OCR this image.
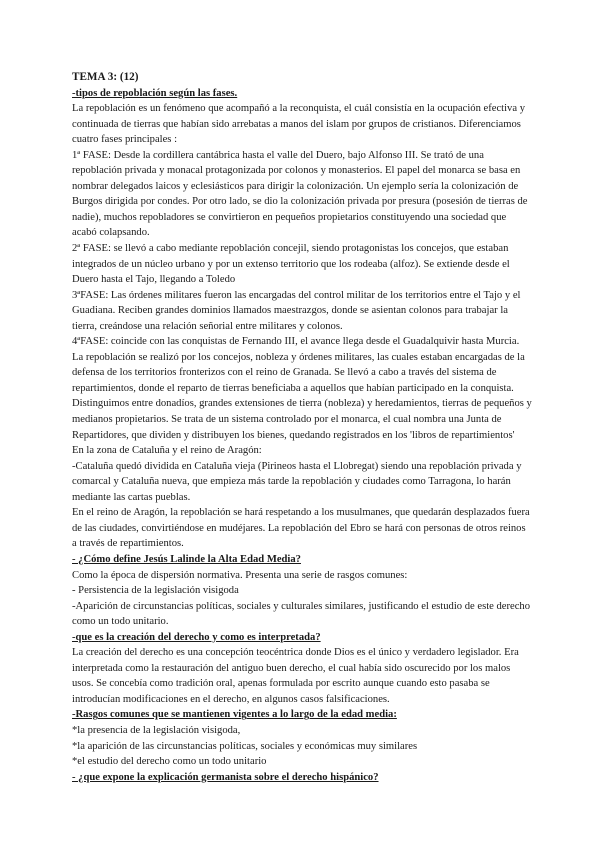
TEMA 3: (12)

-tipos de repoblación según las fases.

La repoblación es un fenómeno que acompañó a la reconquista, el cuál consistía en la ocupación efectiva y continuada de tierras que habían sido arrebatas a manos del islam por grupos de cristianos. Diferenciamos cuatro fases principales :

1ª FASE: Desde la cordillera cantábrica hasta el valle del Duero, bajo Alfonso III. Se trató de una repoblación privada y monacal protagonizada por colonos y monasterios. El papel del monarca se basa en nombrar delegados laicos y eclesiásticos para dirigir la colonización. Un ejemplo sería la colonización de Burgos dirigida por condes. Por otro lado, se dio la colonización privada por presura (posesión de tierras de nadie), muchos repobladores se convirtieron en pequeños propietarios constituyendo una sociedad que acabó colapsando.

2ª FASE: se llevó a cabo mediante repoblación concejil, siendo protagonistas los concejos, que estaban integrados de un núcleo urbano y por un extenso territorio que los rodeaba (alfoz). Se extiende desde el Duero hasta el Tajo, llegando a Toledo

3ªFASE: Las órdenes militares fueron las encargadas del control militar de los territorios entre el Tajo y el Guadiana. Reciben grandes dominios llamados maestrazgos, donde se asientan colonos para trabajar la tierra, creándose una relación señorial entre militares y colonos.

4ªFASE: coincide con las conquistas de Fernando III, el avance llega desde el Guadalquivir hasta Murcia. La repoblación se realizó por los concejos, nobleza y órdenes militares, las cuales estaban encargadas de la defensa de los territorios fronterizos con el reino de Granada. Se llevó a cabo a través del sistema de repartimientos, donde el reparto de tierras beneficiaba a aquellos que habían participado en la conquista. Distinguimos entre donadíos, grandes extensiones de tierra (nobleza) y heredamientos, tierras de pequeños y medianos propietarios. Se trata de un sistema controlado por el monarca, el cual nombra una Junta de Repartidores, que dividen y distribuyen los bienes, quedando registrados en los 'libros de repartimientos'

En la zona de Cataluña y el reino de Aragón:

-Cataluña quedó dividida en Cataluña vieja (Pirineos hasta el Llobregat) siendo una repoblación privada y comarcal y Cataluña nueva, que empieza más tarde la repoblación y ciudades como Tarragona, lo harán mediante las cartas pueblas.

En el reino de Aragón, la repoblación se hará respetando a los musulmanes, que quedarán desplazados fuera de las ciudades, convirtiéndose en mudéjares. La repoblación del Ebro se hará con personas de otros reinos a través de repartimientos.

- ¿Cómo define Jesús Lalinde la Alta Edad Media?

Como la época de dispersión normativa. Presenta una serie de rasgos comunes:

- Persistencia de la legislación visigoda

-Aparición de circunstancias políticas, sociales y culturales similares, justificando el estudio de este derecho como un todo unitario.

-que es la creación del derecho y como es interpretada?

La creación del derecho es una concepción teocéntrica donde Dios es el único y verdadero legislador. Era interpretada como la restauración del antiguo buen derecho, el cual había sido oscurecido por los malos usos. Se concebía como tradición oral, apenas formulada por escrito aunque cuando esto pasaba se introducían modificaciones en el derecho, en algunos casos falsificaciones.

-Rasgos comunes que se mantienen vigentes a lo largo de la edad media:

*la presencia de la legislación visigoda,

*la aparición de las circunstancias políticas, sociales y económicas muy similares

*el estudio del derecho como un todo unitario

- ¿que expone la explicación germanista sobre el derecho hispánico?
